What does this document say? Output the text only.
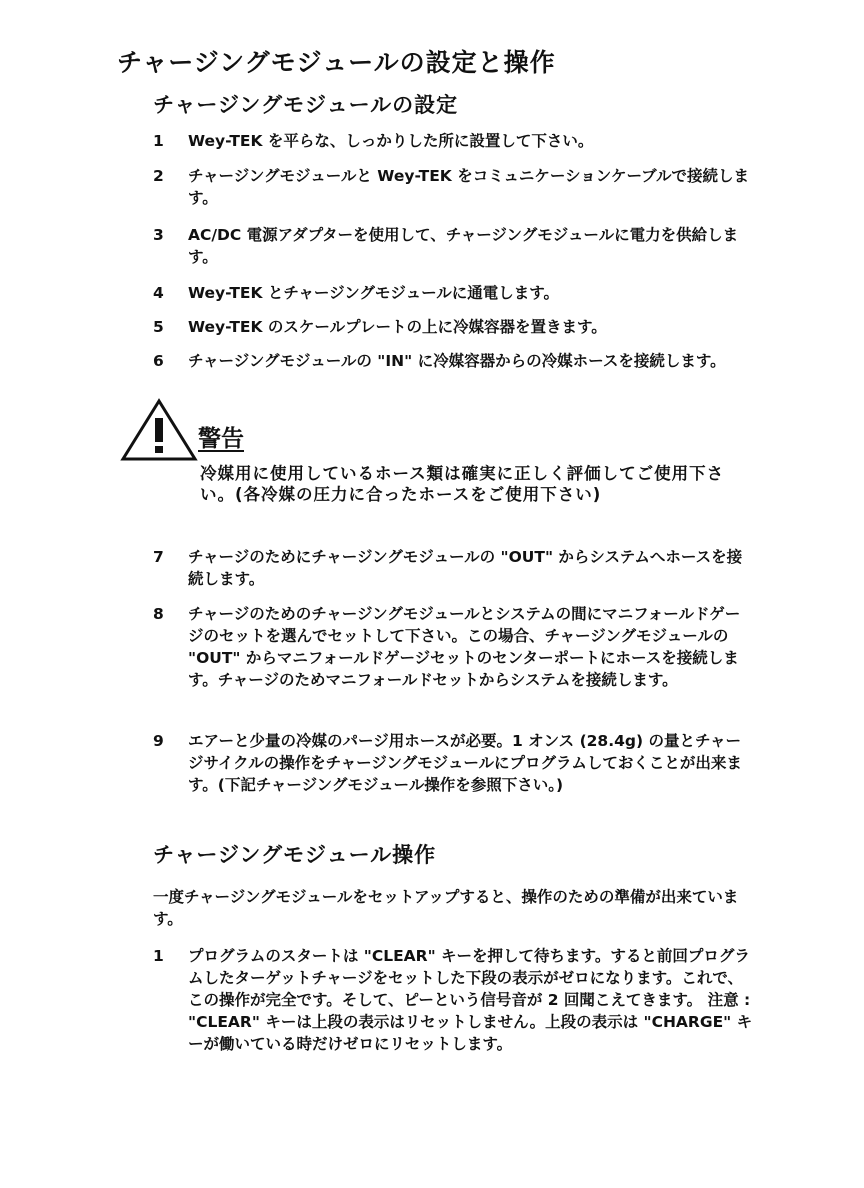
チャージングモジュールの設定と操作
チャージングモジュールの設定
1	Wey-TEK を平らな、しっかりした所に設置して下さい。
2	チャージングモジュールと Wey-TEK をコミュニケーションケーブルで接続します。
3	AC/DC 電源アダプターを使用して、チャージングモジュールに電力を供給します。
4	Wey-TEK とチャージングモジュールに通電します。
5	Wey-TEK のスケールプレートの上に冷媒容器を置きます。
6	チャージングモジュールの "IN" に冷媒容器からの冷媒ホースを接続します。
警告
冷媒用に使用しているホース類は確実に正しく評価してご使用下さい。(各冷媒の圧力に合ったホースをご使用下さい)
7	チャージのためにチャージングモジュールの "OUT" からシステムへホースを接続します。
8	チャージのためのチャージングモジュールとシステムの間にマニフォールドゲージのセットを選んでセットして下さい。この場合、チャージングモジュールの "OUT" からマニフォールドゲージセットのセンターポートにホースを接続します。チャージのためマニフォールドセットからシステムを接続します。
9	エアーと少量の冷媒のパージ用ホースが必要。1 オンス (28.4g) の量とチャージサイクルの操作をチャージングモジュールにプログラムしておくことが出来ます。(下記チャージングモジュール操作を参照下さい。)
チャージングモジュール操作
一度チャージングモジュールをセットアップすると、操作のための準備が出来ています。
1	プログラムのスタートは "CLEAR" キーを押して待ちます。すると前回プログラムしたターゲットチャージをセットした下段の表示がゼロになります。これで、この操作が完全です。そして、ピーという信号音が 2 回聞こえてきます。 注意 : "CLEAR" キーは上段の表示はリセットしません。上段の表示は "CHARGE" キーが働いている時だけゼロにリセットします。
